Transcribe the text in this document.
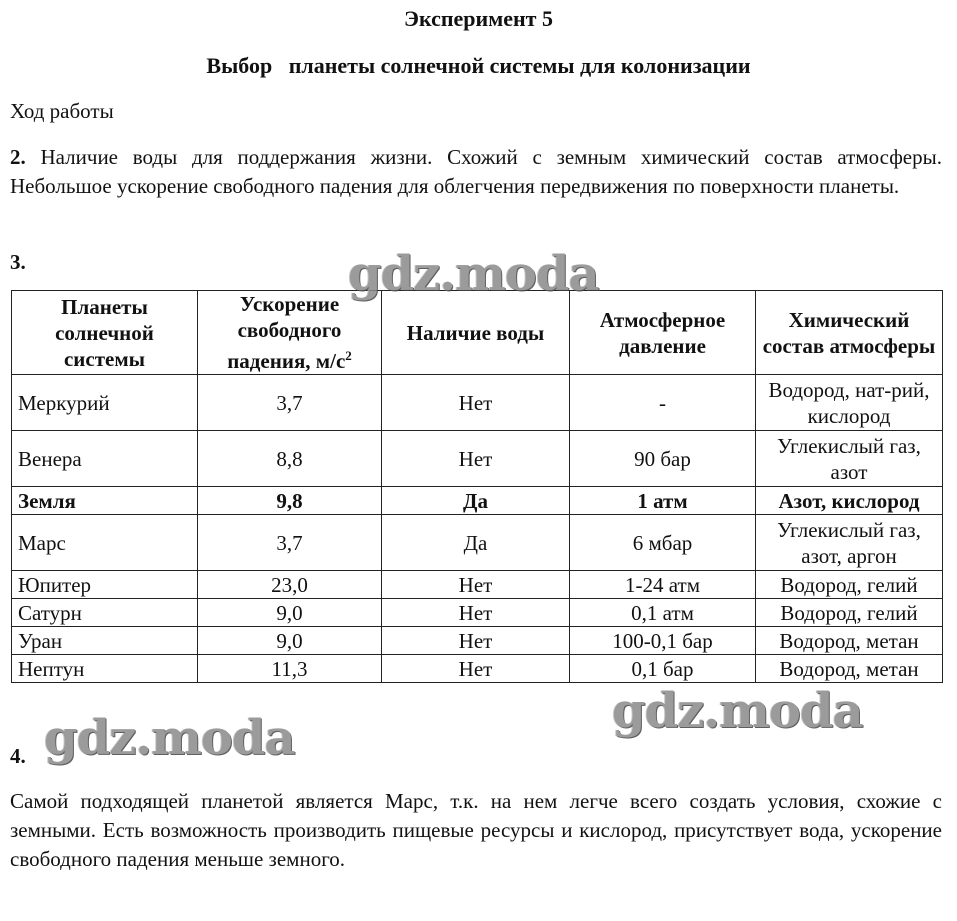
Эксперимент 5
Выбор   планеты солнечной системы для колонизации
Ход работы
2. Наличие воды для поддержания жизни. Схожий с земным химический состав атмосферы. Небольшое ускорение свободного падения для облегчения передвижения по поверхности планеты.
3.
Планеты солнечной системы	Ускорение свободного падения, $м/с^2$	Наличие воды	Атмосферное давление	Химический состав атмосферы
Меркурий	3,7	Нет	-	Водород, нат-рий, кислород
Венера	8,8	Нет	90 бар	Углекислый газ, азот
Земля	9,8	Да	1 атм	Азот, кислород
Марс	3,7	Да	6 мбар	Углекислый газ, азот, аргон
Юпитер	23,0	Нет	1-24 атм	Водород, гелий
Сатурн	9,0	Нет	0,1 атм	Водород, гелий
Уран	9,0	Нет	100-0,1 бар	Водород, метан
Нептун	11,3	Нет	0,1 бар	Водород, метан
4.
Самой подходящей планетой является Марс, т.к. на нем легче всего создать условия, схожие с земными. Есть возможность производить пищевые ресурсы и кислород, присутствует вода, ускорение свободного падения меньше земного.
gdz.moda
gdz.moda	gdz.moda
